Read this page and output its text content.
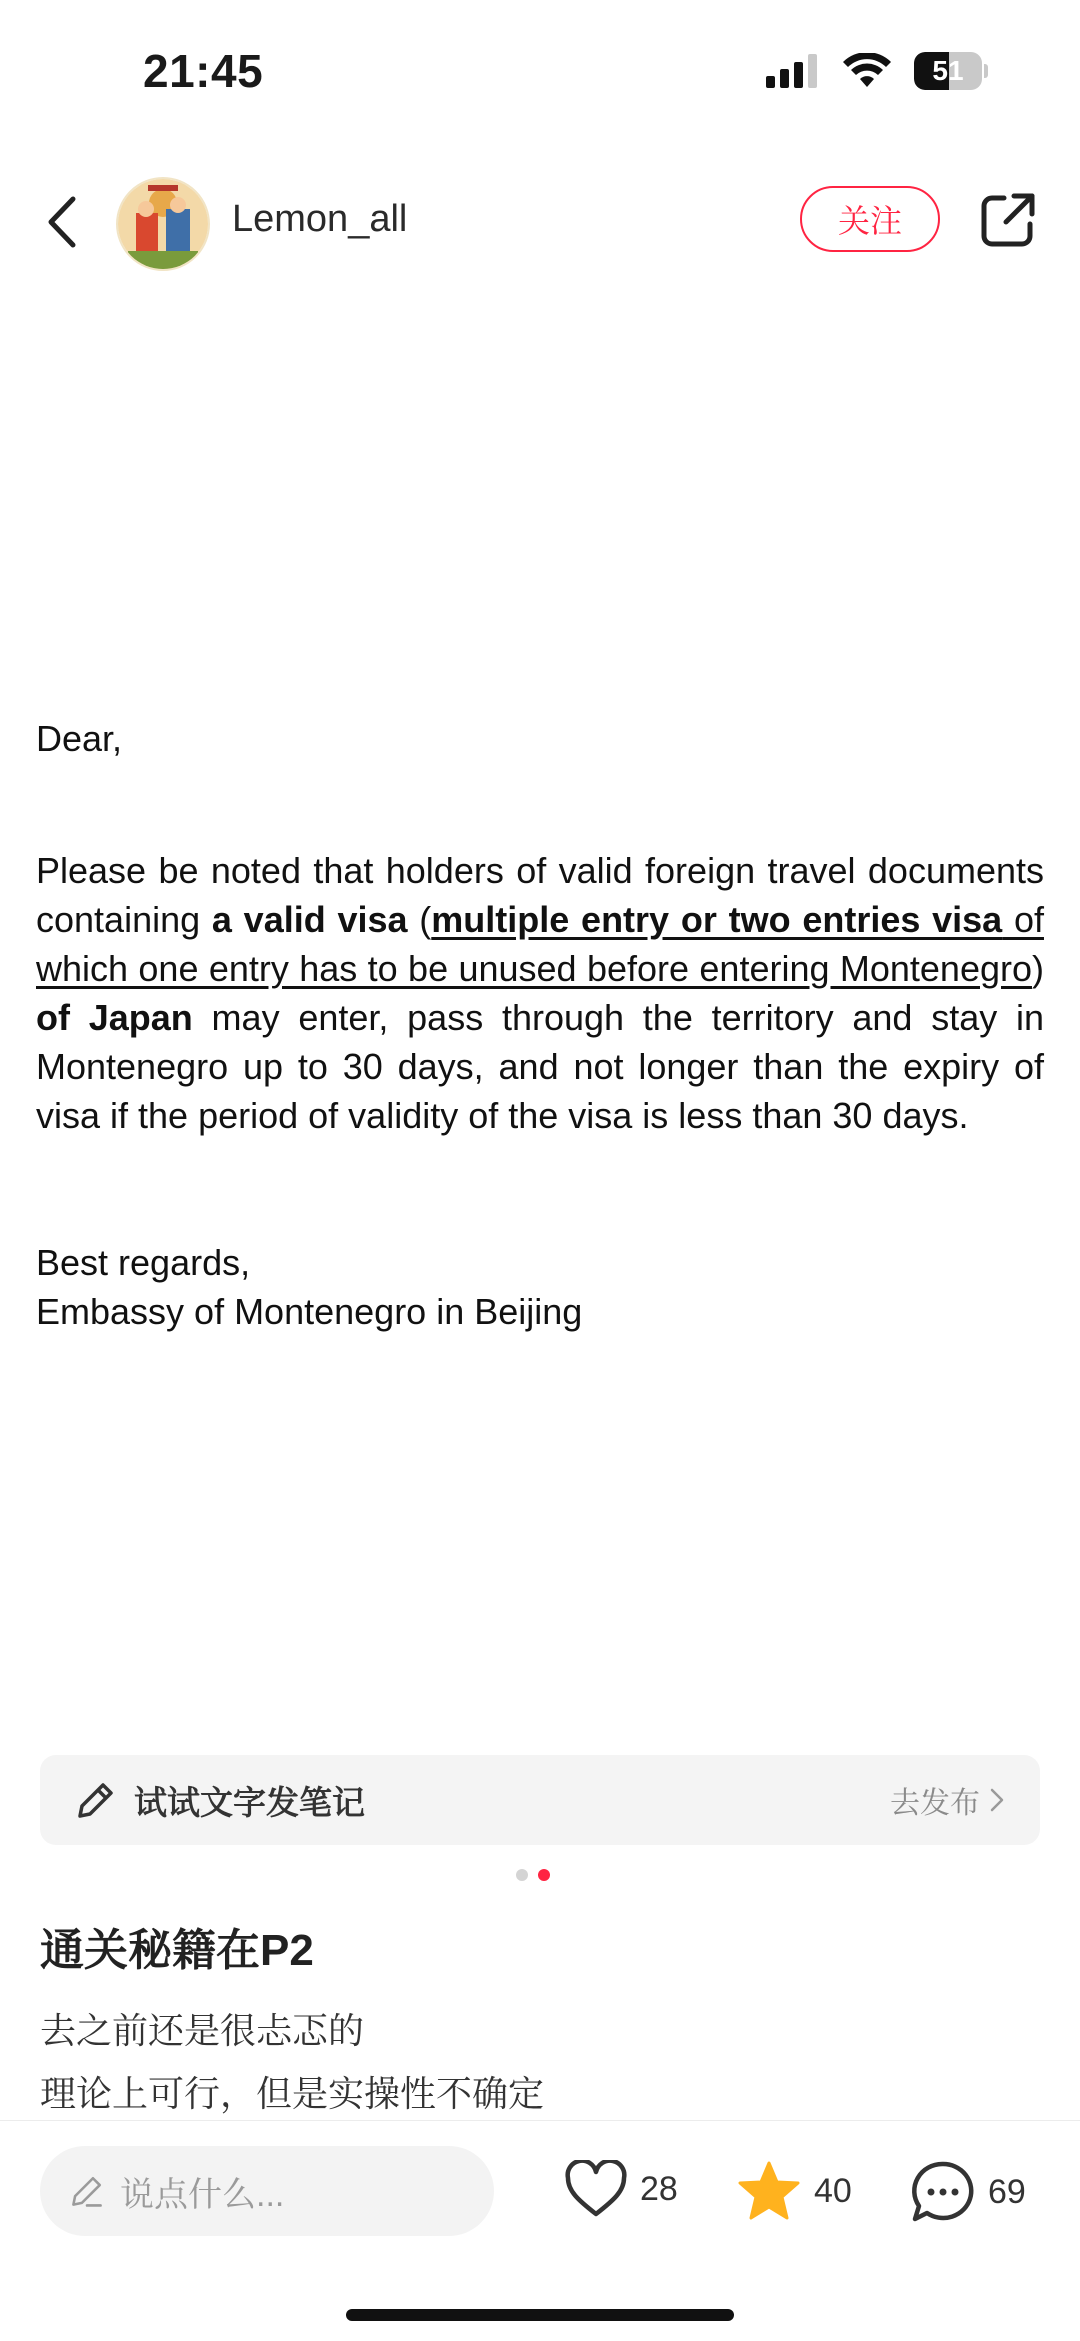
21:45	51
Lemon_all	关注
Dear,
Please be noted that holders of valid foreign travel documents containing a valid visa (multiple entry or two entries visa of which one entry has to be unused before entering Montenegro) of Japan may enter, pass through the territory and stay in Montenegro up to 30 days, and not longer than the expiry of visa if the period of validity of the visa is less than 30 days.
Best regards,
Embassy of Montenegro in Beijing
试试文字发笔记	去发布
通关秘籍在P2
去之前还是很忐忑的
理论上可行，但是实操性不确定
说点什么...	28	40	69
